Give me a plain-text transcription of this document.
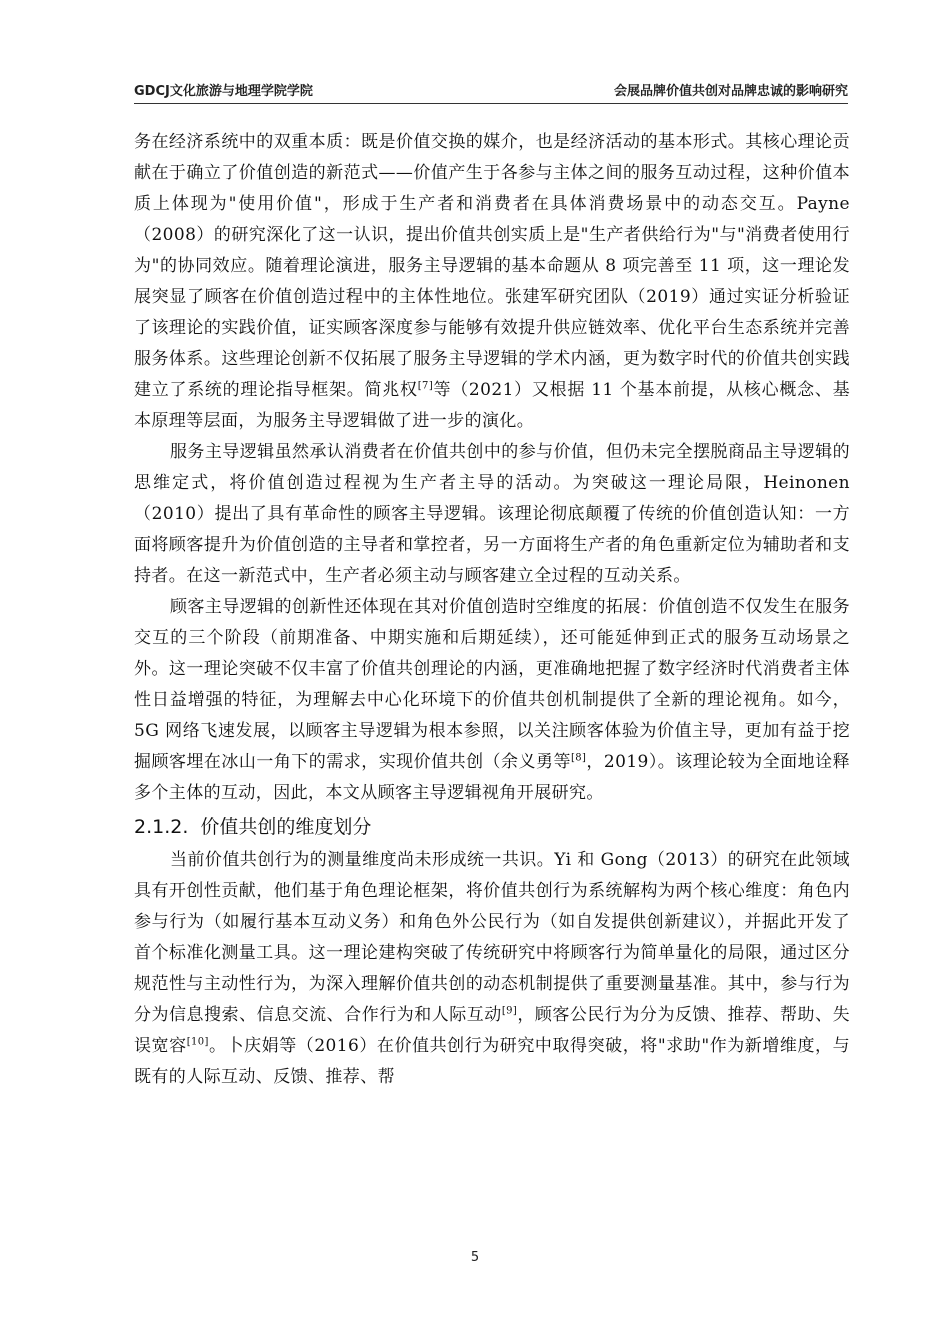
GDCJ文化旅游与地理学院学院	会展品牌价值共创对品牌忠诚的影响研究

务在经济系统中的双重本质：既是价值交换的媒介，也是经济活动的基本形式。其核心理论贡献在于确立了价值创造的新范式——价值产生于各参与主体之间的服务互动过程，这种价值本质上体现为"使用价值"，形成于生产者和消费者在具体消费场景中的动态交互。Payne（2008）的研究深化了这一认识，提出价值共创实质上是"生产者供给行为"与"消费者使用行为"的协同效应。随着理论演进，服务主导逻辑的基本命题从 8 项完善至 11 项，这一理论发展突显了顾客在价值创造过程中的主体性地位。张建军研究团队（2019）通过实证分析验证了该理论的实践价值，证实顾客深度参与能够有效提升供应链效率、优化平台生态系统并完善服务体系。这些理论创新不仅拓展了服务主导逻辑的学术内涵，更为数字时代的价值共创实践建立了系统的理论指导框架。简兆权[7]等（2021）又根据 11 个基本前提，从核心概念、基本原理等层面，为服务主导逻辑做了进一步的演化。

服务主导逻辑虽然承认消费者在价值共创中的参与价值，但仍未完全摆脱商品主导逻辑的思维定式，将价值创造过程视为生产者主导的活动。为突破这一理论局限，Heinonen（2010）提出了具有革命性的顾客主导逻辑。该理论彻底颠覆了传统的价值创造认知：一方面将顾客提升为价值创造的主导者和掌控者，另一方面将生产者的角色重新定位为辅助者和支持者。在这一新范式中，生产者必须主动与顾客建立全过程的互动关系。

顾客主导逻辑的创新性还体现在其对价值创造时空维度的拓展：价值创造不仅发生在服务交互的三个阶段（前期准备、中期实施和后期延续），还可能延伸到正式的服务互动场景之外。这一理论突破不仅丰富了价值共创理论的内涵，更准确地把握了数字经济时代消费者主体性日益增强的特征，为理解去中心化环境下的价值共创机制提供了全新的理论视角。如今，5G 网络飞速发展，以顾客主导逻辑为根本参照，以关注顾客体验为价值主导，更加有益于挖掘顾客埋在冰山一角下的需求，实现价值共创（余义勇等[8]，2019）。该理论较为全面地诠释多个主体的互动，因此，本文从顾客主导逻辑视角开展研究。

2.1.2. 价值共创的维度划分

当前价值共创行为的测量维度尚未形成统一共识。Yi 和 Gong（2013）的研究在此领域具有开创性贡献，他们基于角色理论框架，将价值共创行为系统解构为两个核心维度：角色内参与行为（如履行基本互动义务）和角色外公民行为（如自发提供创新建议），并据此开发了首个标准化测量工具。这一理论建构突破了传统研究中将顾客行为简单量化的局限，通过区分规范性与主动性行为，为深入理解价值共创的动态机制提供了重要测量基准。其中，参与行为分为信息搜索、信息交流、合作行为和人际互动[9]，顾客公民行为分为反馈、推荐、帮助、失误宽容[10]。卜庆娟等（2016）在价值共创行为研究中取得突破，将"求助"作为新增维度，与既有的人际互动、反馈、推荐、帮

5
